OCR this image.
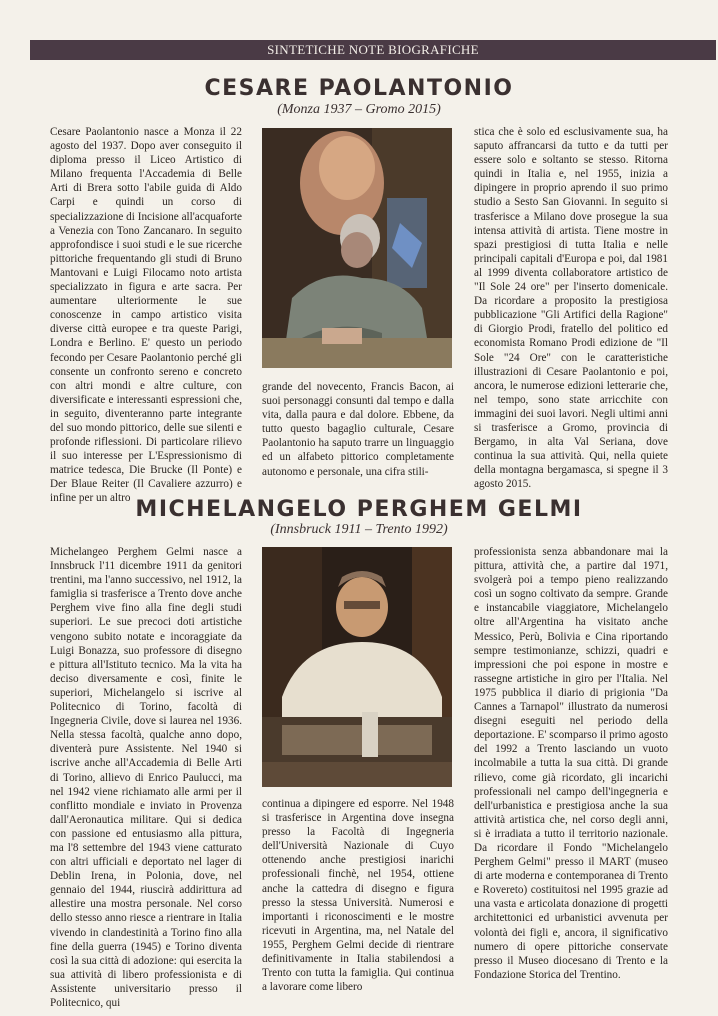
SINTETICHE NOTE BIOGRAFICHE
CESARE PAOLANTONIO

(Monza 1937 – Gromo 2015)

Cesare Paolantonio nasce a Monza il 22 agosto del 1937. Dopo aver conseguito il diploma presso il Liceo Artistico di Milano frequenta l'Accademia di Belle Arti di Brera sotto l'abile guida di Aldo Carpi e quindi un corso di specializzazione di Incisione all'acquaforte a Venezia con Tono Zancanaro. In seguito approfondisce i suoi studi e le sue ricerche pittoriche frequentando gli studi di Bruno Mantovani e Luigi Filocamo noto artista specializzato in figura e arte sacra. Per aumentare ulteriormente le sue conoscenze in campo artistico visita diverse città europee e tra queste Parigi, Londra e Berlino. E' questo un periodo fecondo per Cesare Paolantonio perché gli consente un confronto sereno e concreto con altri mondi e altre culture, con diversificate e interessanti espressioni che, in seguito, diventeranno parte integrante del suo mondo pittorico, delle sue silenti e profonde riflessioni. Di particolare rilievo il suo interesse per L'Espressionismo di matrice tedesca, Die Brucke (Il Ponte) e Der Blaue Reiter (Il Cavaliere azzurro) e infine per un altro

grande del novecento, Francis Bacon, ai suoi personaggi consunti dal tempo e dalla vita, dalla paura e dal dolore. Ebbene, da tutto questo bagaglio culturale, Cesare Paolantonio ha saputo trarre un linguaggio ed un alfabeto pittorico completamente autonomo e personale, una cifra stili-

stica che è solo ed esclusivamente sua, ha saputo affrancarsi da tutto e da tutti per essere solo e soltanto se stesso. Ritorna quindi in Italia e, nel 1955, inizia a dipingere in proprio aprendo il suo primo studio a Sesto San Giovanni. In seguito si trasferisce a Milano dove prosegue la sua intensa attività di artista. Tiene mostre in spazi prestigiosi di tutta Italia e nelle principali capitali d'Europa e poi, dal 1981 al 1999 diventa collaboratore artistico de "Il Sole 24 ore" per l'inserto domenicale. Da ricordare a proposito la prestigiosa pubblicazione "Gli Artifici della Ragione" di Giorgio Prodi, fratello del politico ed economista Romano Prodi edizione de "Il Sole "24 Ore" con le caratteristiche illustrazioni di Cesare Paolantonio e poi, ancora, le numerose edizioni letterarie che, nel tempo, sono state arricchite con immagini dei suoi lavori. Negli ultimi anni si trasferisce a Gromo, provincia di Bergamo, in alta Val Seriana, dove continua la sua attività. Qui, nella quiete della montagna bergamasca, si spegne il 3 agosto 2015.

MICHELANGELO PERGHEM GELMI

(Innsbruck 1911 – Trento 1992)

Michelangeo Perghem Gelmi nasce a Innsbruck l'11 dicembre 1911 da genitori trentini, ma l'anno successivo, nel 1912, la famiglia si trasferisce a Trento dove anche Perghem vive fino alla fine degli studi superiori. Le sue precoci doti artistiche vengono subito notate e incoraggiate da Luigi Bonazza, suo professore di disegno e pittura all'Istituto tecnico. Ma la vita ha deciso diversamente e così, finite le superiori, Michelangelo si iscrive al Politecnico di Torino, facoltà di Ingegneria Civile, dove si laurea nel 1936. Nella stessa facoltà, qualche anno dopo, diventerà pure Assistente. Nel 1940 si iscrive anche all'Accademia di Belle Arti di Torino, allievo di Enrico Paulucci, ma nel 1942 viene richiamato alle armi per il conflitto mondiale e inviato in Provenza dall'Aeronautica militare. Qui si dedica con passione ed entusiasmo alla pittura, ma l'8 settembre del 1943 viene catturato con altri ufficiali e deportato nel lager di Deblin Irena, in Polonia, dove, nel gennaio del 1944, riuscirà addirittura ad allestire una mostra personale. Nel corso dello stesso anno riesce a rientrare in Italia vivendo in clandestinità a Torino fino alla fine della guerra (1945) e Torino diventa così la sua città di adozione: qui esercita la sua attività di libero professionista e di Assistente universitario presso il Politecnico, qui

continua a dipingere ed esporre. Nel 1948 si trasferisce in Argentina dove insegna presso la Facoltà di Ingegneria dell'Università Nazionale di Cuyo ottenendo anche prestigiosi inarichi professionali finchè, nel 1954, ottiene anche la cattedra di disegno e figura presso la stessa Università. Numerosi e importanti i riconoscimenti e le mostre ricevuti in Argentina, ma, nel Natale del 1955, Perghem Gelmi decide di rientrare definitivamente in Italia stabilendosi a Trento con tutta la famiglia. Qui continua a lavorare come libero

professionista senza abbandonare mai la pittura, attività che, a partire dal 1971, svolgerà poi a tempo pieno realizzando così un sogno coltivato da sempre. Grande e instancabile viaggiatore, Michelangelo oltre all'Argentina ha visitato anche Messico, Perù, Bolivia e Cina riportando sempre testimonianze, schizzi, quadri e impressioni che poi espone in mostre e rassegne artistiche in giro per l'Italia. Nel 1975 pubblica il diario di prigionia "Da Cannes a Tarnapol" illustrato da numerosi disegni eseguiti nel periodo della deportazione. E' scomparso il primo agosto del 1992 a Trento lasciando un vuoto incolmabile a tutta la sua città. Di grande rilievo, come già ricordato, gli incarichi professionali nel campo dell'ingegneria e dell'urbanistica e prestigiosa anche la sua attività artistica che, nel corso degli anni, si è irradiata a tutto il territorio nazionale. Da ricordare il Fondo "Michelangelo Perghem Gelmi" presso il MART (museo di arte moderna e contemporanea di Trento e Rovereto) costituitosi nel 1995 grazie ad una vasta e articolata donazione di progetti architettonici ed urbanistici avvenuta per volontà dei figli e, ancora, il significativo numero di opere pittoriche conservate presso il Museo diocesano di Trento e la Fondazione Storica del Trentino.
